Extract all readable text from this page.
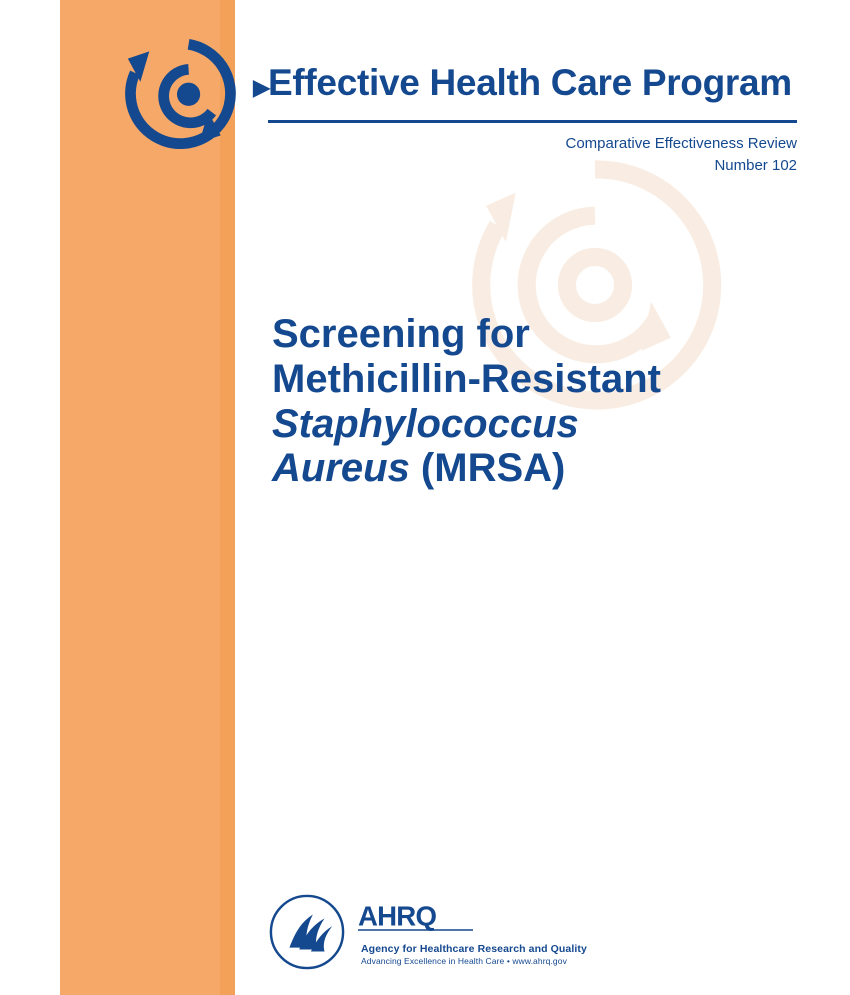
Effective Health Care Program
Comparative Effectiveness Review
Number 102
Screening for
Methicillin-Resistant
Staphylococcus
Aureus (MRSA)
AHRQ
Agency for Healthcare Research and Quality
Advancing Excellence in Health Care • www.ahrq.gov
